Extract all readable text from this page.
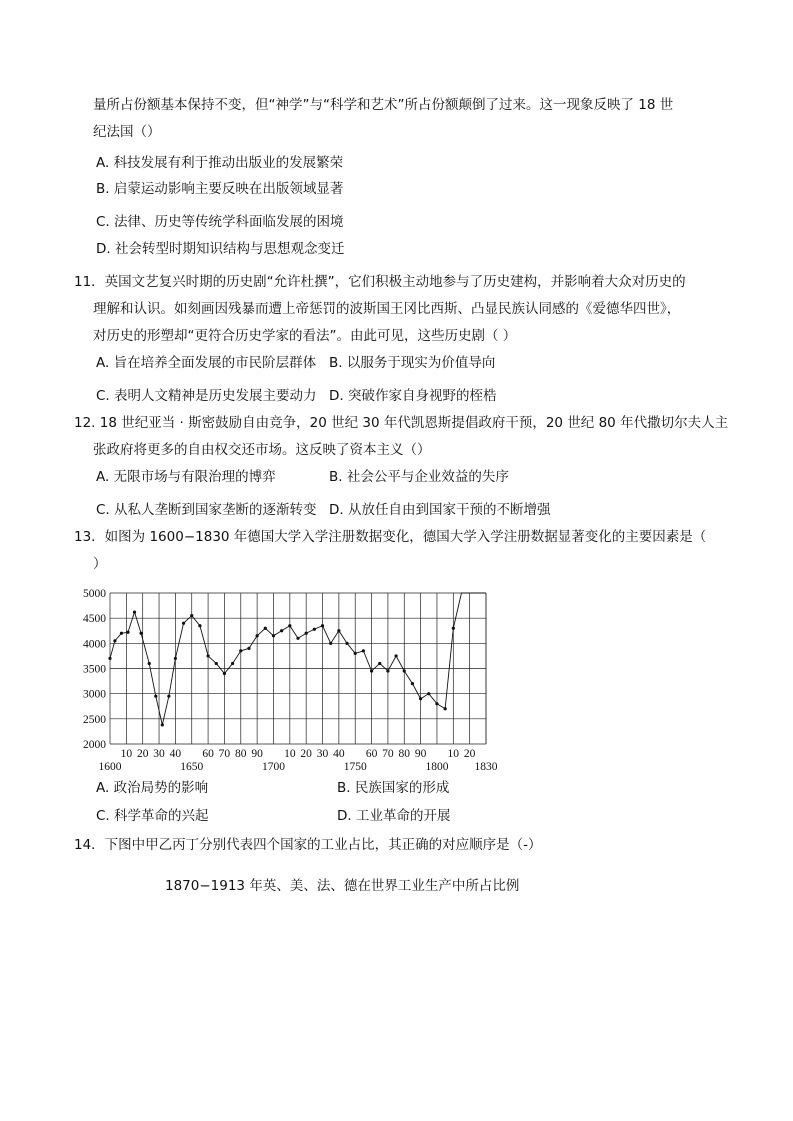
量所占份额基本保持不变，但“神学”与“科学和艺术”所占份额颠倒了过来。这一现象反映了 18 世
纪法国（）
A. 科技发展有利于推动出版业的发展繁荣
B. 启蒙运动影响主要反映在出版领域显著
C. 法律、历史等传统学科面临发展的困境
D. 社会转型时期知识结构与思想观念变迁
11．英国文艺复兴时期的历史剧“允许杜撰”，它们积极主动地参与了历史建构，并影响着大众对历史的
理解和认识。如刻画因残暴而遭上帝惩罚的波斯国王冈比西斯、凸显民族认同感的《爱德华四世》，
对历史的形塑却“更符合历史学家的看法”。由此可见，这些历史剧（ ）
A. 旨在培养全面发展的市民阶层群体 B. 以服务于现实为价值导向
C. 表明人文精神是历史发展主要动力 D. 突破作家自身视野的桎梏
12. 18 世纪亚当 · 斯密鼓励自由竞争，20 世纪 30 年代凯恩斯提倡政府干预，20 世纪 80 年代撒切尔夫人主
张政府将更多的自由权交还市场。这反映了资本主义（）
A. 无限市场与有限治理的博弈	B. 社会公平与企业效益的失序
C. 从私人垄断到国家垄断的逐渐转变 D. 从放任自由到国家干预的不断增强
13．如图为 1600−1830 年德国大学入学注册数据变化，德国大学入学注册数据显著变化的主要因素是（
）
2000
2500
3000
3500
4000
4500
5000
10 20 30 40 60 70 80 90 10 20 30 40 60 70 80 90 10 20
1600	1650	1700	1750	1800 1830
A. 政治局势的影响	B. 民族国家的形成
C. 科学革命的兴起	D. 工业革命的开展
14．下图中甲乙丙丁分别代表四个国家的工业占比，其正确的对应顺序是（-）
1870−1913 年英、美、法、德在世界工业生产中所占比例
